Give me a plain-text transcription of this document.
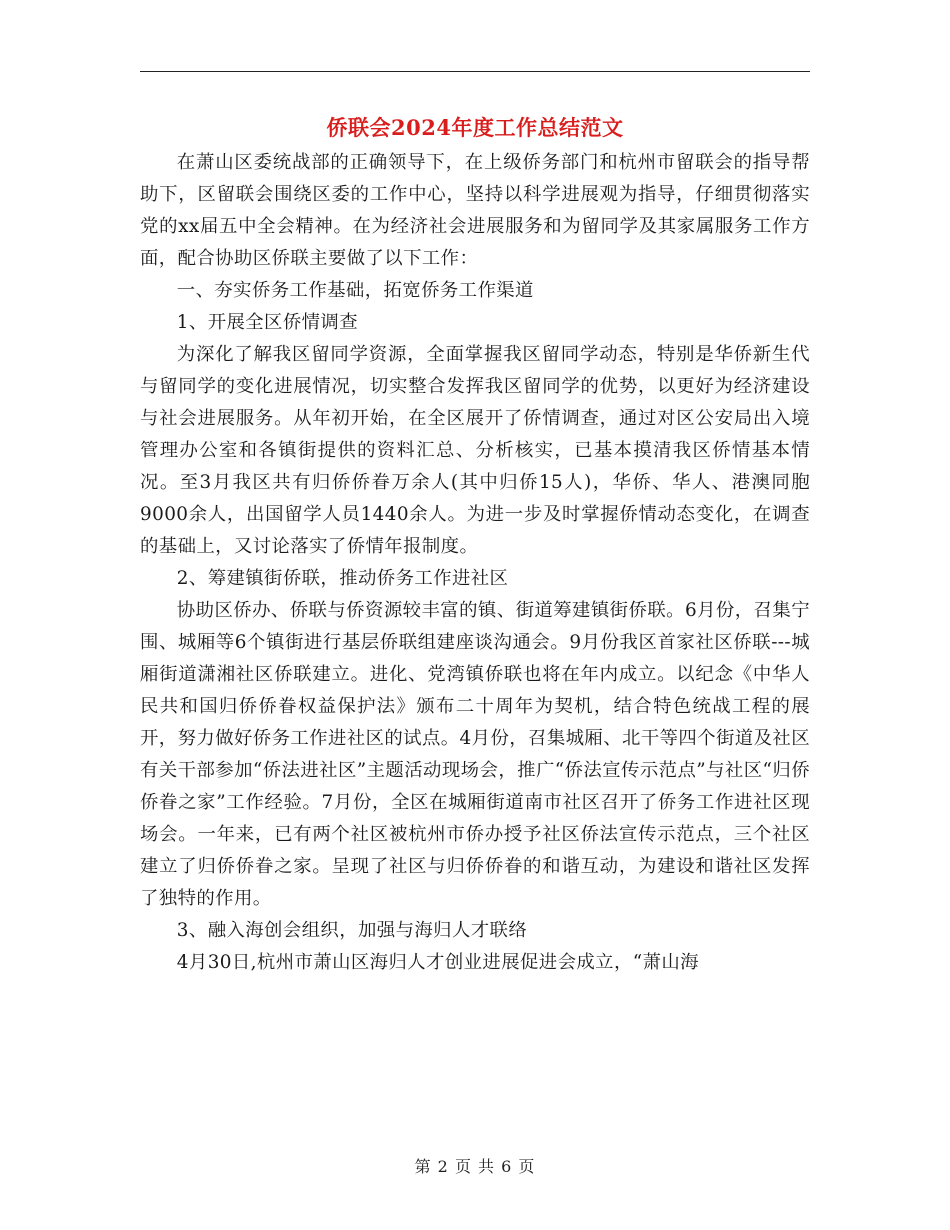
侨联会2024年度工作总结范文

在萧山区委统战部的正确领导下，在上级侨务部门和杭州市留联会的指导帮助下，区留联会围绕区委的工作中心，坚持以科学进展观为指导，仔细贯彻落实党的xx届五中全会精神。在为经济社会进展服务和为留同学及其家属服务工作方面，配合协助区侨联主要做了以下工作：

一、夯实侨务工作基础，拓宽侨务工作渠道

1、开展全区侨情调查

为深化了解我区留同学资源，全面掌握我区留同学动态，特别是华侨新生代与留同学的变化进展情况，切实整合发挥我区留同学的优势，以更好为经济建设与社会进展服务。从年初开始，在全区展开了侨情调查，通过对区公安局出入境管理办公室和各镇街提供的资料汇总、分析核实，已基本摸清我区侨情基本情况。至3月我区共有归侨侨眷万余人(其中归侨15人)，华侨、华人、港澳同胞9000余人，出国留学人员1440余人。为进一步及时掌握侨情动态变化，在调查的基础上，又讨论落实了侨情年报制度。

2、筹建镇街侨联，推动侨务工作进社区

协助区侨办、侨联与侨资源较丰富的镇、街道筹建镇街侨联。6月份，召集宁围、城厢等6个镇街进行基层侨联组建座谈沟通会。9月份我区首家社区侨联---城 厢街道潇湘社区侨联建立。进化、党湾镇侨联也将在年内成立。以纪念《中华人民共和国归侨侨眷权益保护法》颁布二十周年为契机，结合特色统战工程的展开，努力做好侨务工作进社区的试点。4月份，召集城厢、北干等四个街道及社区有关干部参加“侨法进社区”主题活动现场会，推广“侨法宣传示范点”与社区“归侨侨眷之家”工作经验。7月份，全区在城厢街道南市社区召开了侨务工作进社区现场会。一年来，已有两个社区被杭州市侨办授予社区侨法宣传示范点，三个社区建立了归侨侨眷之家。呈现了社区与归侨侨眷的和谐互动，为建设和谐社区发挥了独特的作用。

3、融入海创会组织，加强与海归人才联络

4月30日,杭州市萧山区海归人才创业进展促进会成立，“萧山海

第 2 页 共 6 页
